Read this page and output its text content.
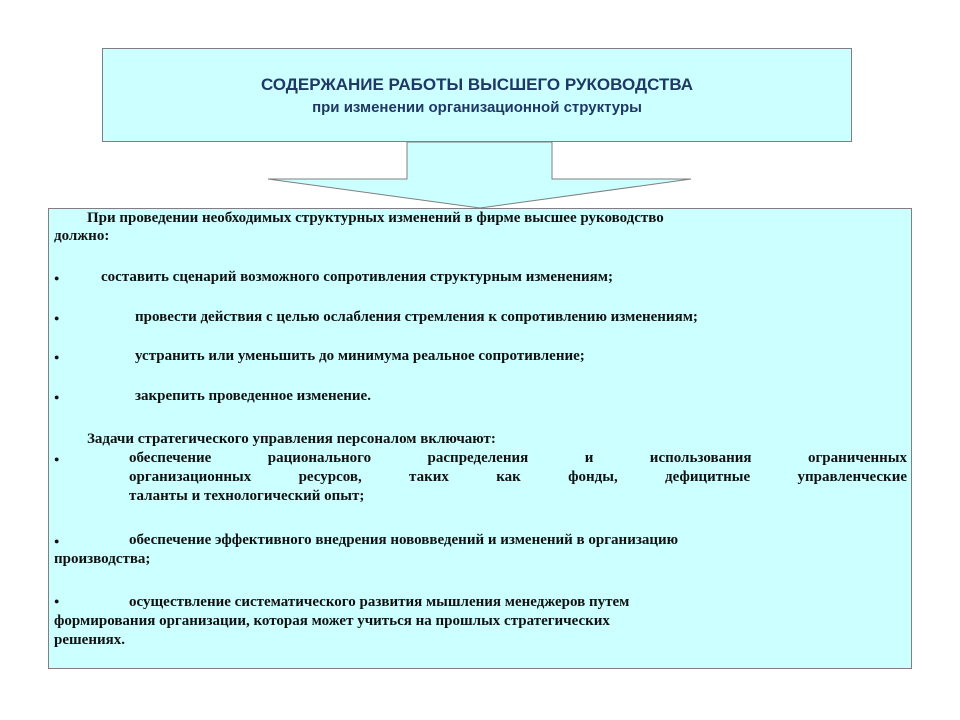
СОДЕРЖАНИЕ РАБОТЫ ВЫСШЕГО РУКОВОДСТВА
при изменении организационной структуры
При проведении необходимых структурных изменений в фирме высшее руководство
должно:
●	составить сценарий возможного сопротивления структурным изменениям;
●	провести действия с целью ослабления стремления к сопротивлению изменениям;
●	устранить или уменьшить до минимума реальное сопротивление;
●	закрепить проведенное изменение.
Задачи стратегического управления персоналом включают:
●	обеспечение рационального распределения и использования ограниченных
организационных ресурсов, таких как фонды, дефицитные управленческие
таланты и технологический опыт;
●	обеспечение эффективного внедрения нововведений и изменений в организацию
производства;
●	осуществление систематического развития мышления менеджеров путем
формирования организации, которая может учиться на прошлых стратегических
решениях.
